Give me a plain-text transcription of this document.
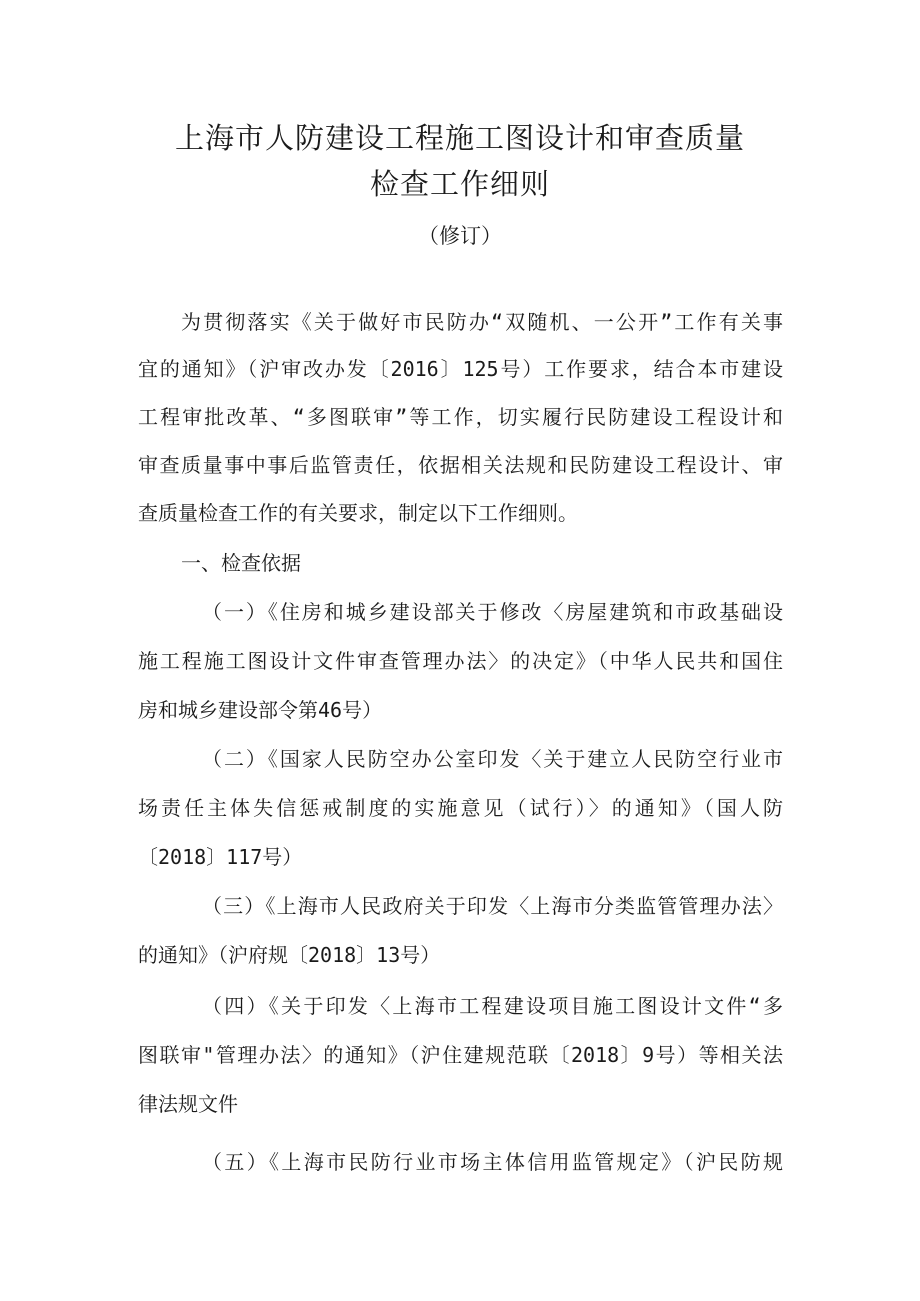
上海市人防建设工程施工图设计和审查质量
检查工作细则
（修订）
为贯彻落实《关于做好市民防办“双随机、一公开”工作有关事
宜的通知》（沪审改办发〔2016〕125号）工作要求，结合本市建设
工程审批改革、“多图联审”等工作，切实履行民防建设工程设计和
审查质量事中事后监管责任，依据相关法规和民防建设工程设计、审
查质量检查工作的有关要求，制定以下工作细则。
一、检查依据
（一）《住房和城乡建设部关于修改〈房屋建筑和市政基础设
施工程施工图设计文件审查管理办法〉的决定》（中华人民共和国住
房和城乡建设部令第46号）
（二）《国家人民防空办公室印发〈关于建立人民防空行业市
场责任主体失信惩戒制度的实施意见（试行）〉的通知》（国人防
〔2018〕117号）
（三）《上海市人民政府关于印发〈上海市分类监管管理办法〉
的通知》（沪府规〔2018〕13号）
（四）《关于印发〈上海市工程建设项目施工图设计文件“多
图联审"管理办法〉的通知》（沪住建规范联〔2018〕9号）等相关法
律法规文件
（五）《上海市民防行业市场主体信用监管规定》（沪民防规
